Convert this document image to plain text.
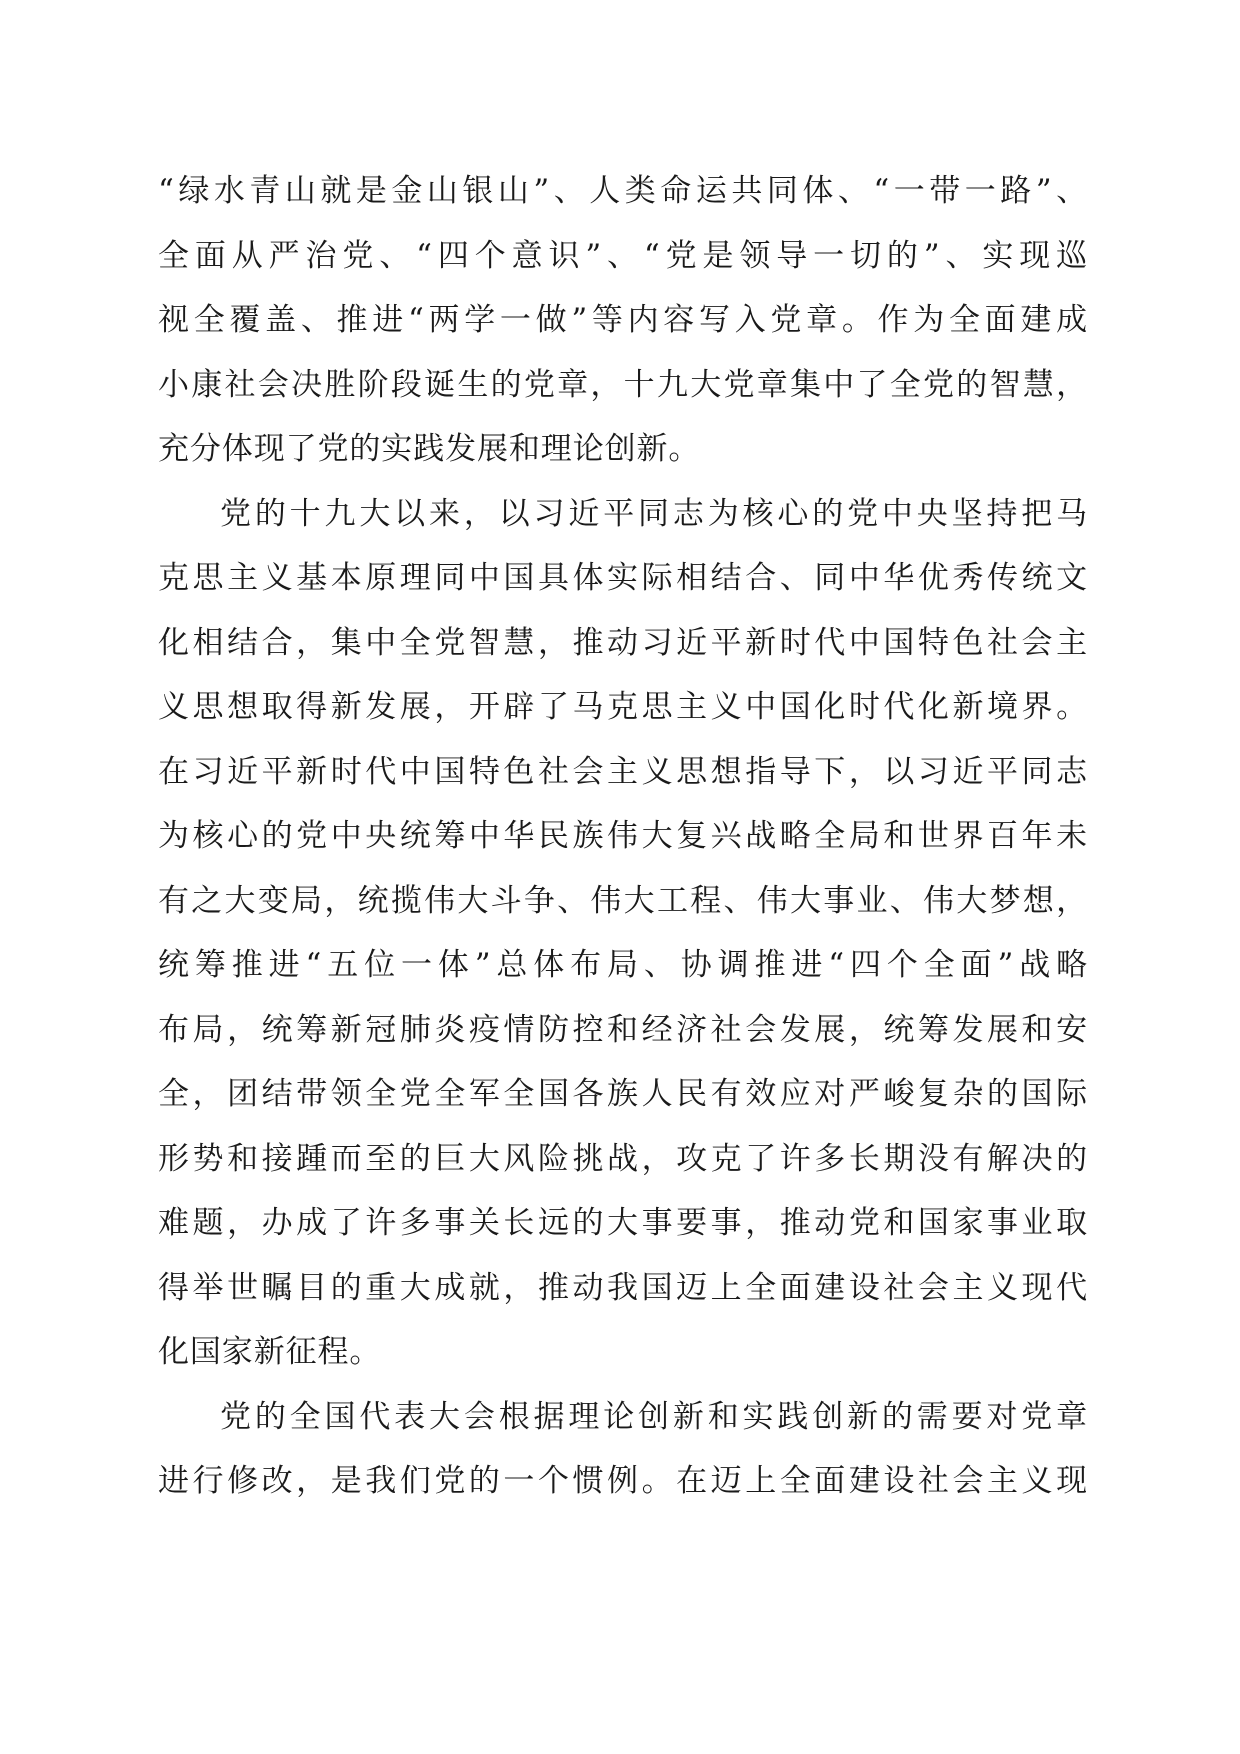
“绿水青山就是金山银山”、人类命运共同体、“一带一路”、
全面从严治党、“四个意识”、“党是领导一切的”、实现巡
视全覆盖、推进“两学一做”等内容写入党章。作为全面建成
小康社会决胜阶段诞生的党章，十九大党章集中了全党的智慧，
充分体现了党的实践发展和理论创新。
党的十九大以来，以习近平同志为核心的党中央坚持把马
克思主义基本原理同中国具体实际相结合、同中华优秀传统文
化相结合，集中全党智慧，推动习近平新时代中国特色社会主
义思想取得新发展，开辟了马克思主义中国化时代化新境界。
在习近平新时代中国特色社会主义思想指导下，以习近平同志
为核心的党中央统筹中华民族伟大复兴战略全局和世界百年未
有之大变局，统揽伟大斗争、伟大工程、伟大事业、伟大梦想，
统筹推进“五位一体”总体布局、协调推进“四个全面”战略
布局，统筹新冠肺炎疫情防控和经济社会发展，统筹发展和安
全，团结带领全党全军全国各族人民有效应对严峻复杂的国际
形势和接踵而至的巨大风险挑战，攻克了许多长期没有解决的
难题，办成了许多事关长远的大事要事，推动党和国家事业取
得举世瞩目的重大成就，推动我国迈上全面建设社会主义现代
化国家新征程。
党的全国代表大会根据理论创新和实践创新的需要对党章
进行修改，是我们党的一个惯例。在迈上全面建设社会主义现
